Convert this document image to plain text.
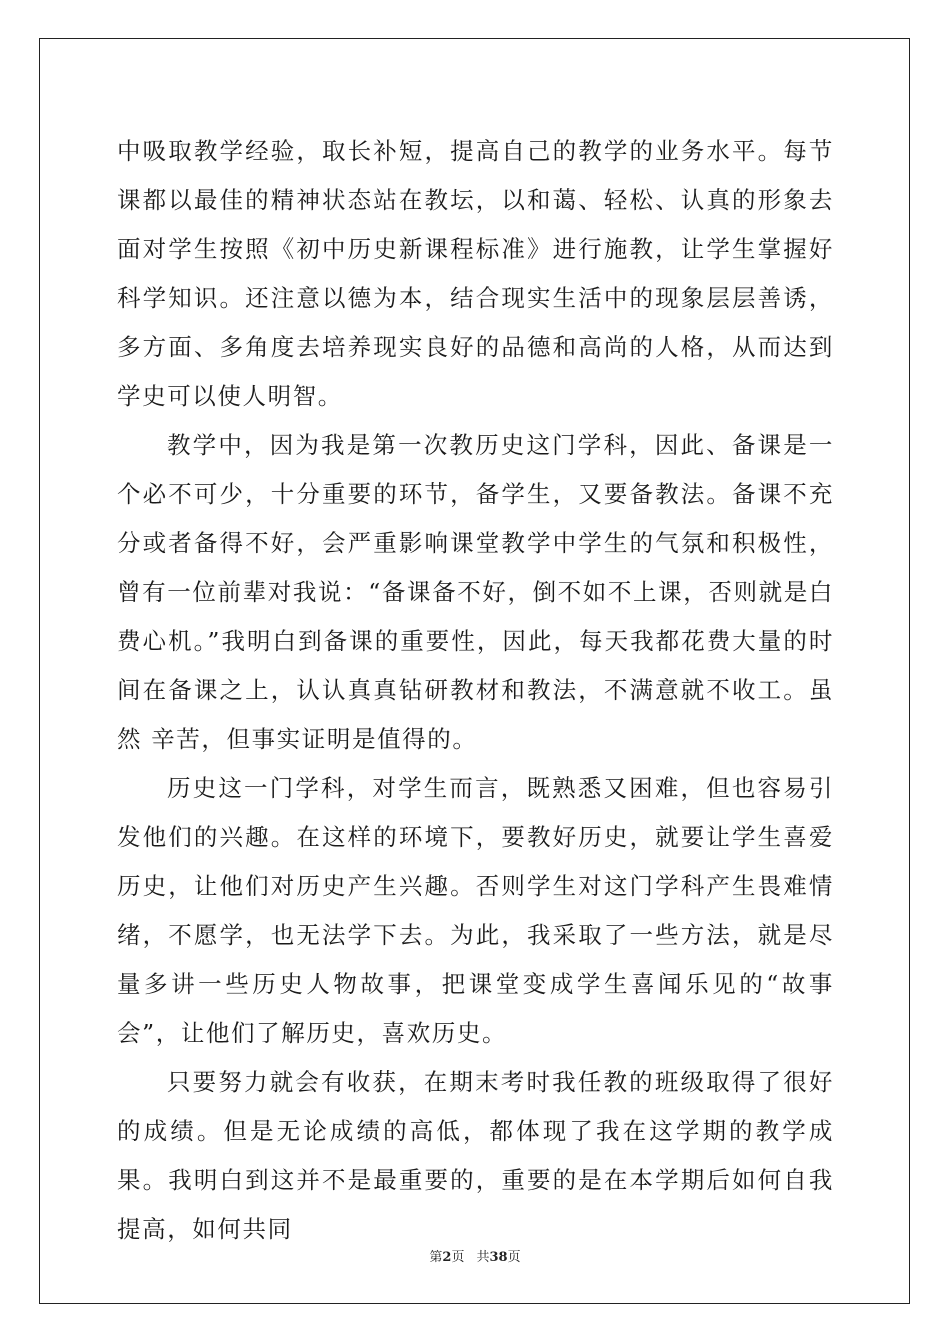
中吸取教学经验，取长补短，提高自己的教学的业务水平。每节课都以最佳的精神状态站在教坛，以和蔼、轻松、认真的形象去面对学生按照《初中历史新课程标准》进行施教，让学生掌握好科学知识。还注意以德为本，结合现实生活中的现象层层善诱，多方面、多角度去培养现实良好的品德和高尚的人格，从而达到学史可以使人明智。

教学中，因为我是第一次教历史这门学科，因此、备课是一个必不可少，十分重要的环节，备学生，又要备教法。备课不充分或者备得不好，会严重影响课堂教学中学生的气氛和积极性，曾有一位前辈对我说：“备课备不好，倒不如不上课，否则就是白费心机。”我明白到备课的重要性，因此，每天我都花费大量的时间在备课之上，认认真真钻研教材和教法，不满意就不收工。虽然 辛苦，但事实证明是值得的。

历史这一门学科，对学生而言，既熟悉又困难，但也容易引发他们的兴趣。在这样的环境下，要教好历史，就要让学生喜爱历史，让他们对历史产生兴趣。否则学生对这门学科产生畏难情绪，不愿学，也无法学下去。为此，我采取了一些方法，就是尽量多讲一些历史人物故事，把课堂变成学生喜闻乐见的“故事会”，让他们了解历史，喜欢历史。

只要努力就会有收获，在期末考时我任教的班级取得了很好的成绩。但是无论成绩的高低，都体现了我在这学期的教学成果。我明白到这并不是最重要的，重要的是在本学期后如何自我提高，如何共同

第2页 共38页
